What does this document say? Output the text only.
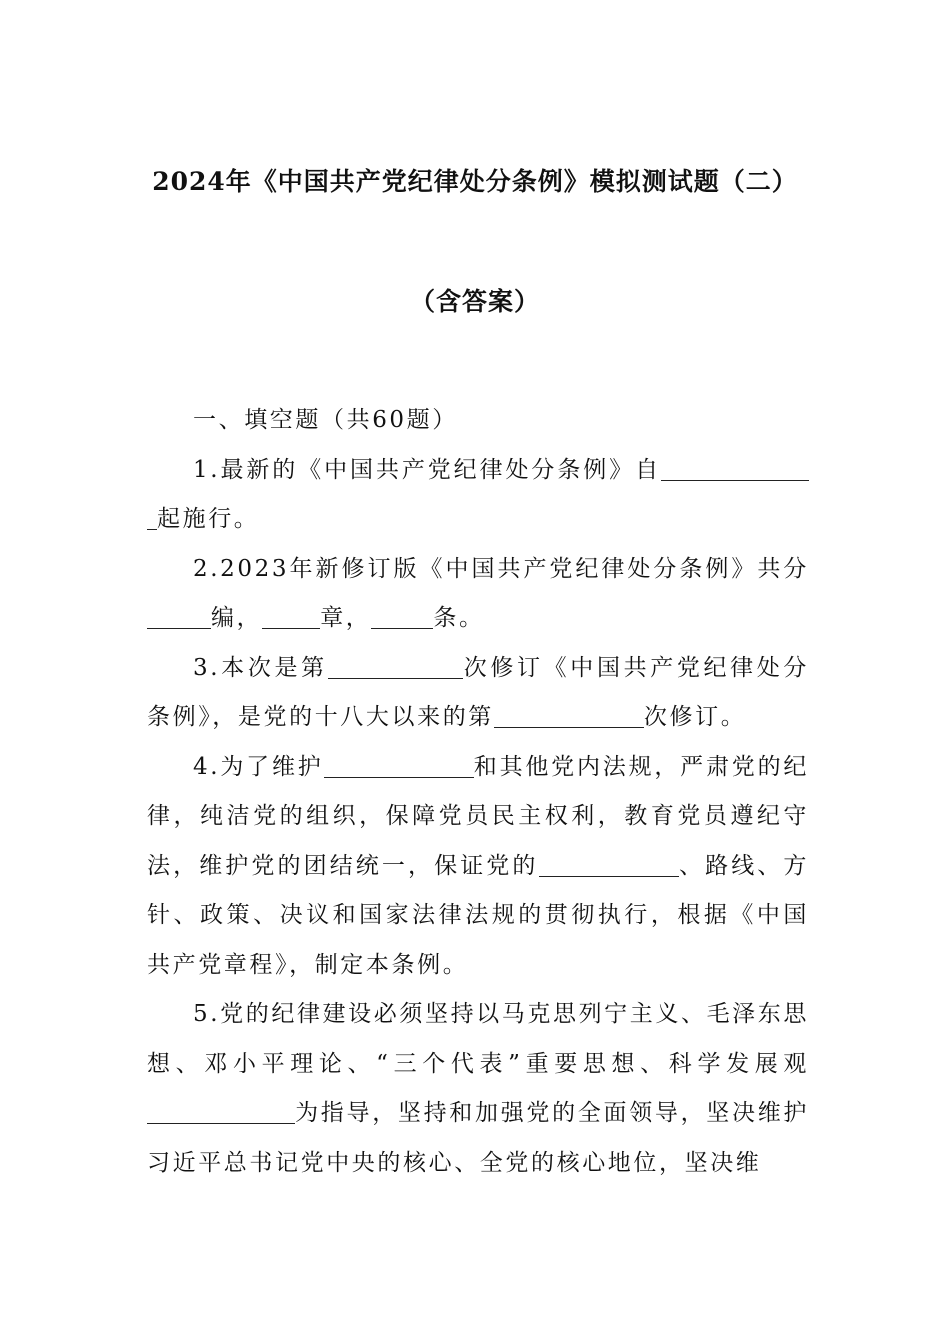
2024年《中国共产党纪律处分条例》模拟测试题（二）
（含答案）

一、填空题（共60题）

1.最新的《中国共产党纪律处分条例》自起施行。

2.2023年新修订版《中国共产党纪律处分条例》共分编，	章，	条。

3.本次是第	次修订《中国共产党纪律处分条例》，是党的十八大以来的第	次修订。

4.为了维护	和其他党内法规，严肃党的纪律，纯洁党的组织，保障党员民主权利，教育党员遵纪守法，维护党的团结统一，保证党的	、路线、方针、政策、决议和国家法律法规的贯彻执行，根据《中国共产党章程》，制定本条例。

5.党的纪律建设必须坚持以马克思列宁主义、毛泽东思想、邓小平理论、“三个代表”重要思想、科学发展观为指导，坚持和加强党的全面领导，坚决维护习近平总书记党中央的核心、全党的核心地位，坚决维
